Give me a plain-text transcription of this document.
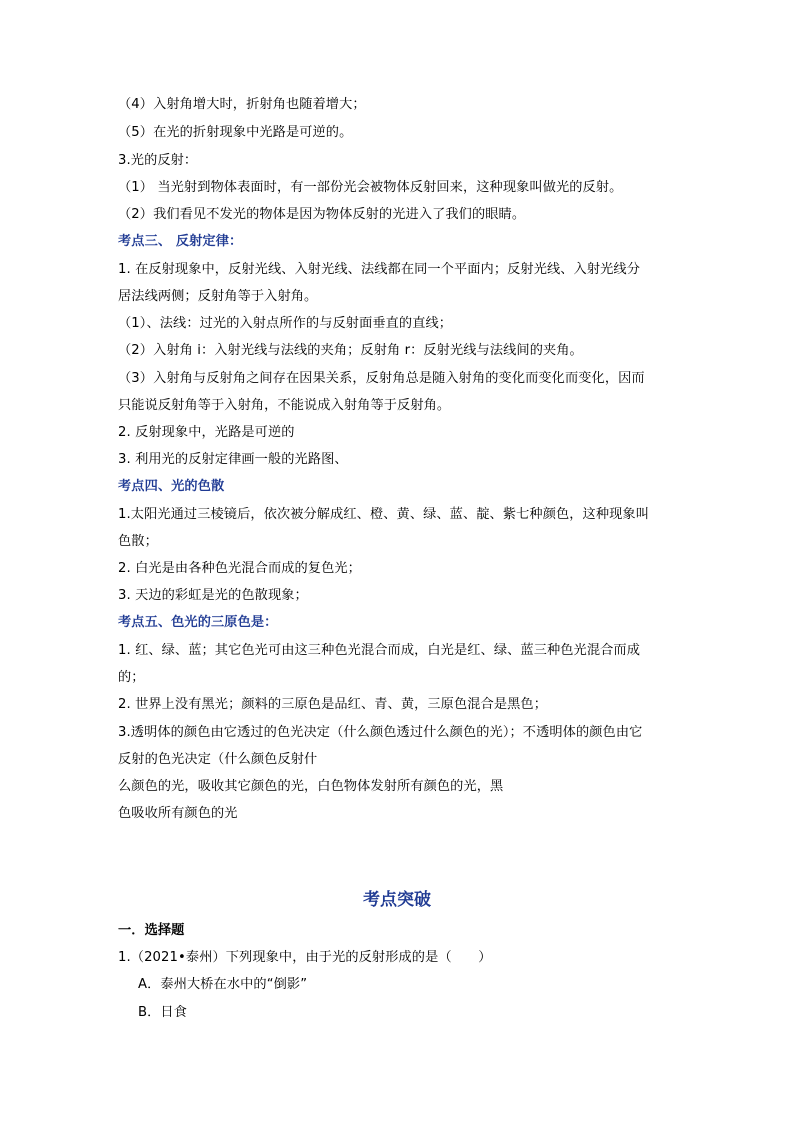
（4）入射角增大时，折射角也随着增大；
（5）在光的折射现象中光路是可逆的。
3.光的反射：
（1） 当光射到物体表面时，有一部份光会被物体反射回来，这种现象叫做光的反射。
（2）我们看见不发光的物体是因为物体反射的光进入了我们的眼睛。
考点三、 反射定律：
1. 在反射现象中，反射光线、入射光线、法线都在同一个平面内；反射光线、入射光线分
居法线两侧；反射角等于入射角。
（1）、法线：过光的入射点所作的与反射面垂直的直线；
（2）入射角 i：入射光线与法线的夹角；反射角 r：反射光线与法线间的夹角。
（3）入射角与反射角之间存在因果关系，反射角总是随入射角的变化而变化而变化，因而
只能说反射角等于入射角，不能说成入射角等于反射角。
2. 反射现象中，光路是可逆的
3. 利用光的反射定律画一般的光路图、
考点四、光的色散
1.太阳光通过三棱镜后，依次被分解成红、橙、黄、绿、蓝、靛、紫七种颜色，这种现象叫
色散；
2. 白光是由各种色光混合而成的复色光；
3. 天边的彩虹是光的色散现象；
考点五、色光的三原色是：
1. 红、绿、蓝；其它色光可由这三种色光混合而成，白光是红、绿、蓝三种色光混合而成
的；
2. 世界上没有黑光；颜料的三原色是品红、青、黄，三原色混合是黑色；
3.透明体的颜色由它透过的色光决定（什么颜色透过什么颜色的光）；不透明体的颜色由它
反射的色光决定（什么颜色反射什
么颜色的光，吸收其它颜色的光，白色物体发射所有颜色的光，黑
色吸收所有颜色的光
考点突破
一．选择题
1.（2021•泰州）下列现象中，由于光的反射形成的是（　　）
A．泰州大桥在水中的“倒影”
B．日食
